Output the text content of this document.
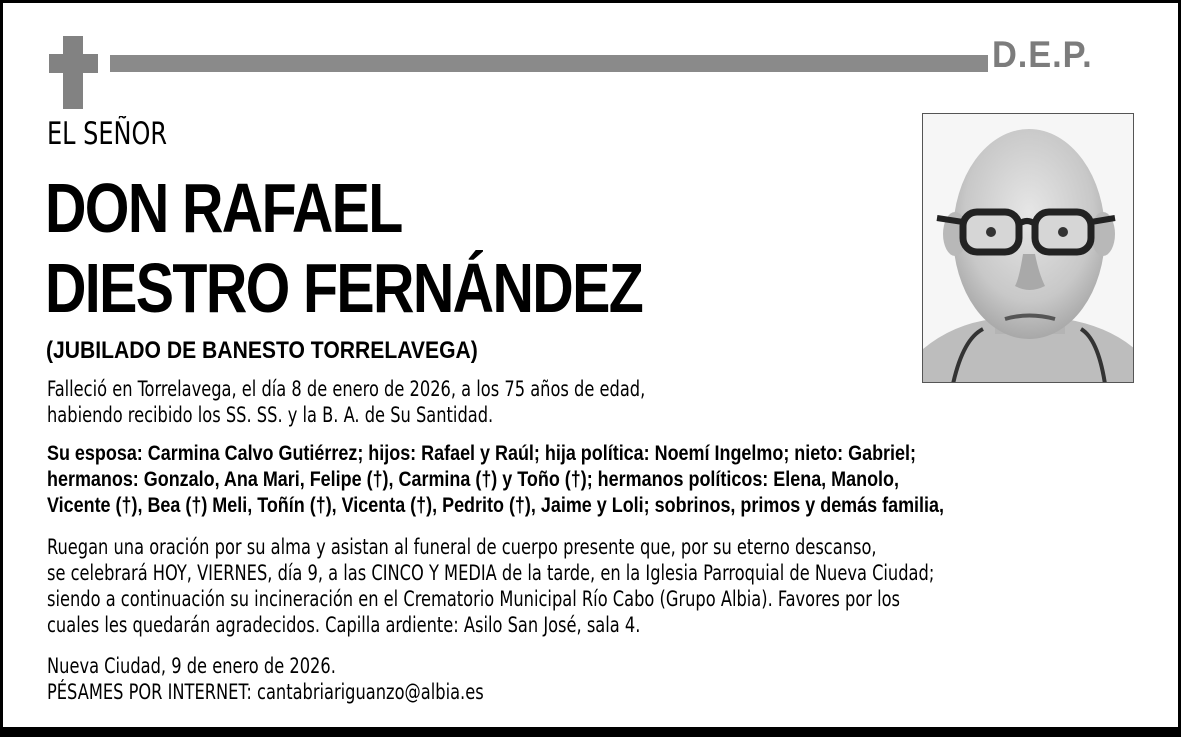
D.E.P.
EL SEÑOR
DON RAFAEL
DIESTRO FERNÁNDEZ
(JUBILADO DE BANESTO TORRELAVEGA)
Falleció en Torrelavega, el día 8 de enero de 2026, a los 75 años de edad,
habiendo recibido los SS. SS. y la B. A. de Su Santidad.
Su esposa: Carmina Calvo Gutiérrez; hijos: Rafael y Raúl; hija política: Noemí Ingelmo; nieto: Gabriel;
hermanos: Gonzalo, Ana Mari, Felipe (†), Carmina (†) y Toño (†); hermanos políticos: Elena, Manolo,
Vicente (†), Bea (†) Meli, Toñín (†), Vicenta (†), Pedrito (†), Jaime y Loli; sobrinos, primos y demás familia,
Ruegan una oración por su alma y asistan al funeral de cuerpo presente que, por su eterno descanso,
se celebrará HOY, VIERNES, día 9, a las CINCO Y MEDIA de la tarde, en la Iglesia Parroquial de Nueva Ciudad;
siendo a continuación su incineración en el Crematorio Municipal Río Cabo (Grupo Albia). Favores por los
cuales les quedarán agradecidos. Capilla ardiente: Asilo San José, sala 4.
Nueva Ciudad, 9 de enero de 2026.
PÉSAMES POR INTERNET: cantabriariguanzo@albia.es
